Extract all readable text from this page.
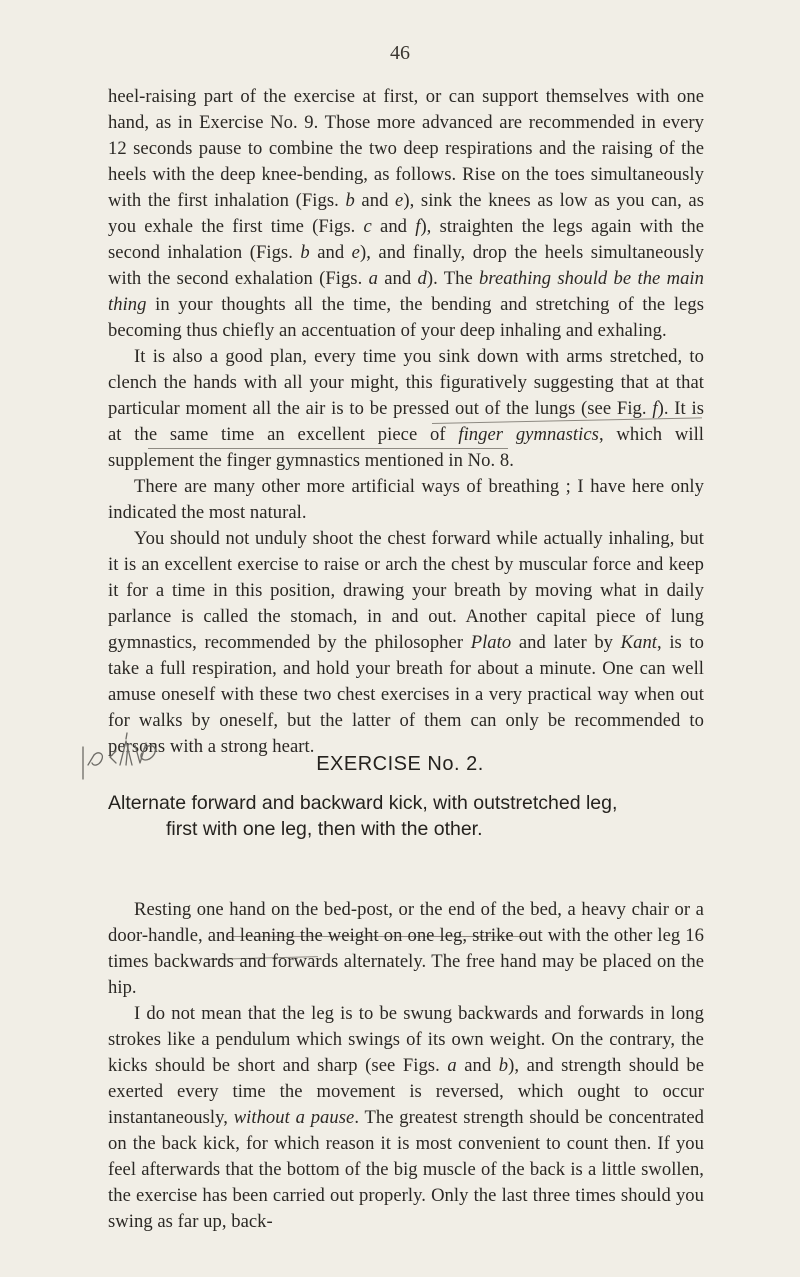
46

heel-raising part of the exercise at first, or can support themselves with one hand, as in Exercise No. 9. Those more advanced are recommended in every 12 seconds pause to combine the two deep respirations and the raising of the heels with the deep knee-bending, as follows. Rise on the toes simultaneously with the first inhalation (Figs. b and e), sink the knees as low as you can, as you exhale the first time (Figs. c and f), straighten the legs again with the second inhalation (Figs. b and e), and finally, drop the heels simultaneously with the second exhalation (Figs. a and d). The breathing should be the main thing in your thoughts all the time, the bending and stretching of the legs becoming thus chiefly an accentuation of your deep inhaling and exhaling.

It is also a good plan, every time you sink down with arms stretched, to clench the hands with all your might, this figuratively suggesting that at that particular moment all the air is to be pressed out of the lungs (see Fig. f). It is at the same time an excellent piece of finger gymnastics, which will supplement the finger gymnastics mentioned in No. 8.

There are many other more artificial ways of breathing ; I have here only indicated the most natural.

You should not unduly shoot the chest forward while actually inhaling, but it is an excellent exercise to raise or arch the chest by muscular force and keep it for a time in this position, drawing your breath by moving what in daily parlance is called the stomach, in and out. Another capital piece of lung gymnastics, recommended by the philosopher Plato and later by Kant, is to take a full respiration, and hold your breath for about a minute. One can well amuse oneself with these two chest exercises in a very practical way when out for walks by oneself, but the latter of them can only be recommended to persons with a strong heart.

EXERCISE No. 2.
Alternate forward and backward kick, with outstretched leg,
first with one leg, then with the other.

Resting one hand on the bed-post, or the end of the bed, a heavy chair or a door-handle, and leaning the weight on one leg, strike out with the other leg 16 times backwards and forwards alternately. The free hand may be placed on the hip.

I do not mean that the leg is to be swung backwards and forwards in long strokes like a pendulum which swings of its own weight. On the contrary, the kicks should be short and sharp (see Figs. a and b), and strength should be exerted every time the movement is reversed, which ought to occur instantaneously, without a pause. The greatest strength should be concentrated on the back kick, for which reason it is most convenient to count then. If you feel afterwards that the bottom of the big muscle of the back is a little swollen, the exercise has been carried out properly. Only the last three times should you swing as far up, back-
